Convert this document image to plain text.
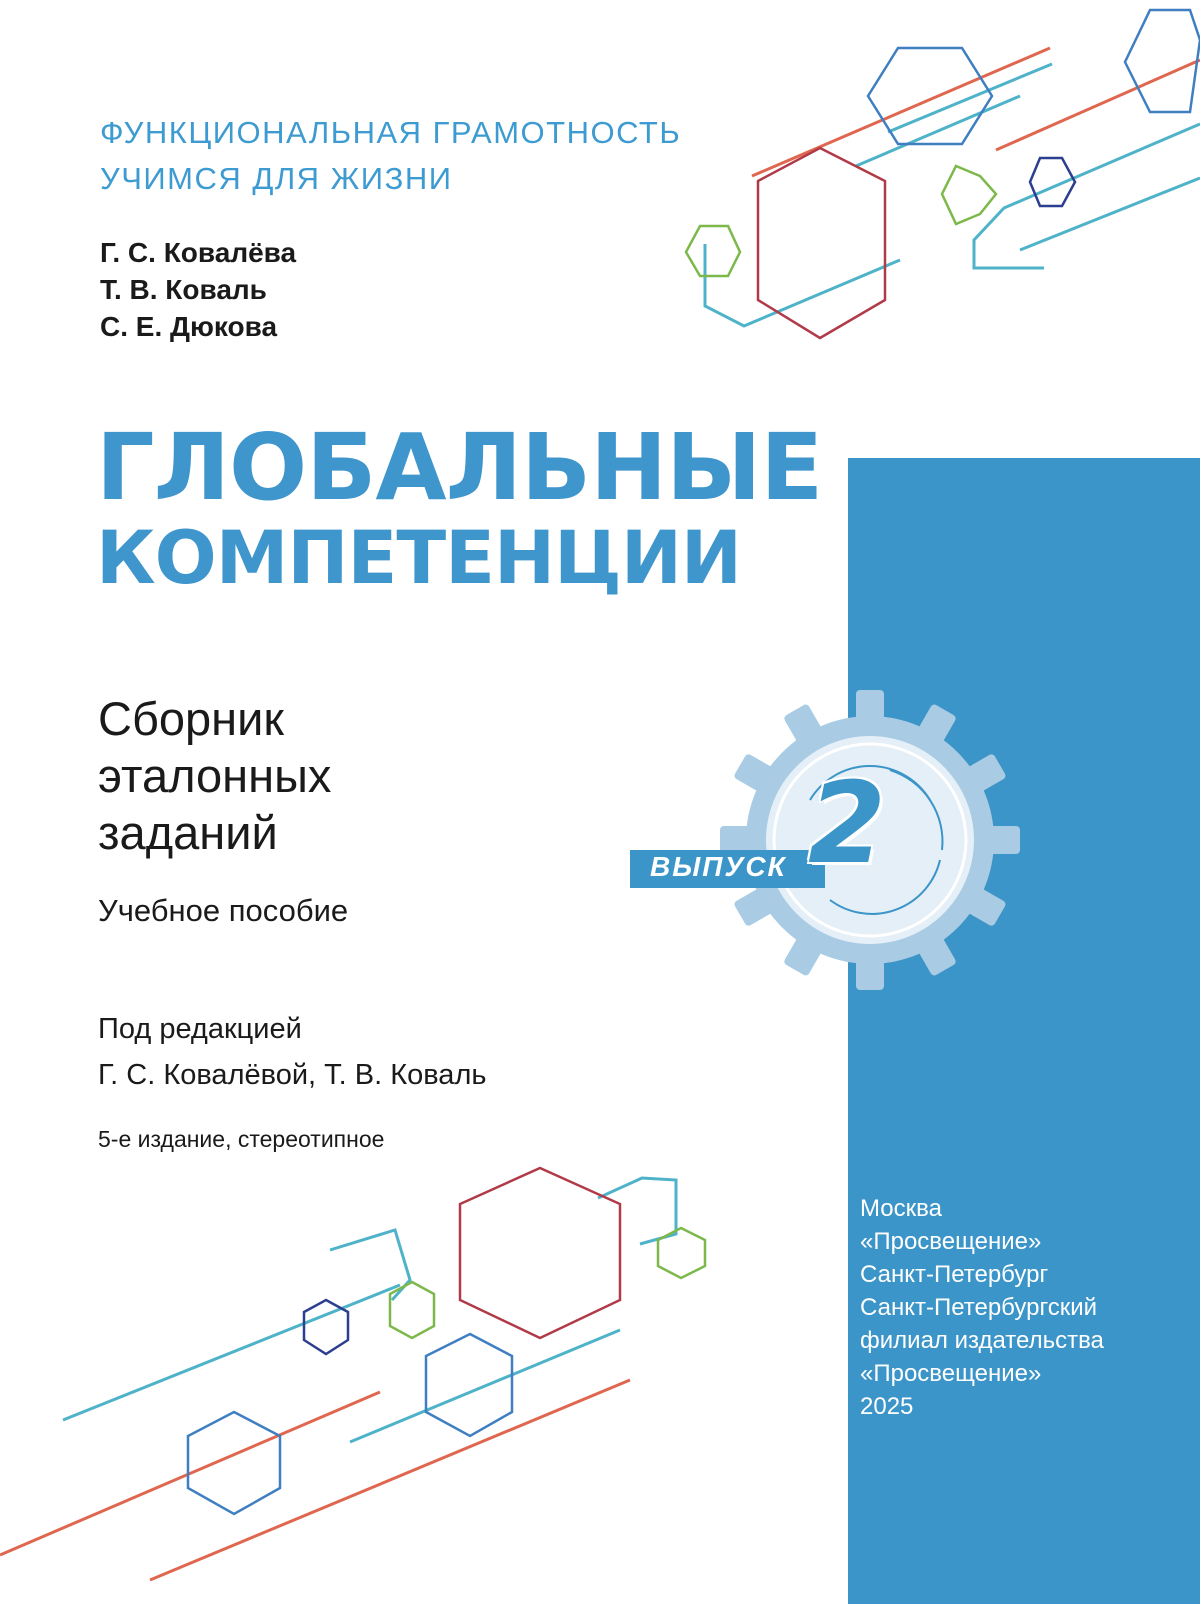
ФУНКЦИОНАЛЬНАЯ ГРАМОТНОСТЬ
УЧИМСЯ ДЛЯ ЖИЗНИ
Г. С. Ковалёва
Т. В. Коваль
С. Е. Дюкова
ГЛОБАЛЬНЫЕ
КОМПЕТЕНЦИИ
Сборник
эталонных
заданий
Учебное пособие
ВЫПУСК 2
Под редакцией
Г. С. Ковалёвой, Т. В. Коваль
5-е издание, стереотипное
Москва
«Просвещение»
Санкт-Петербург
Санкт-Петербургский
филиал издательства
«Просвещение»
2025
